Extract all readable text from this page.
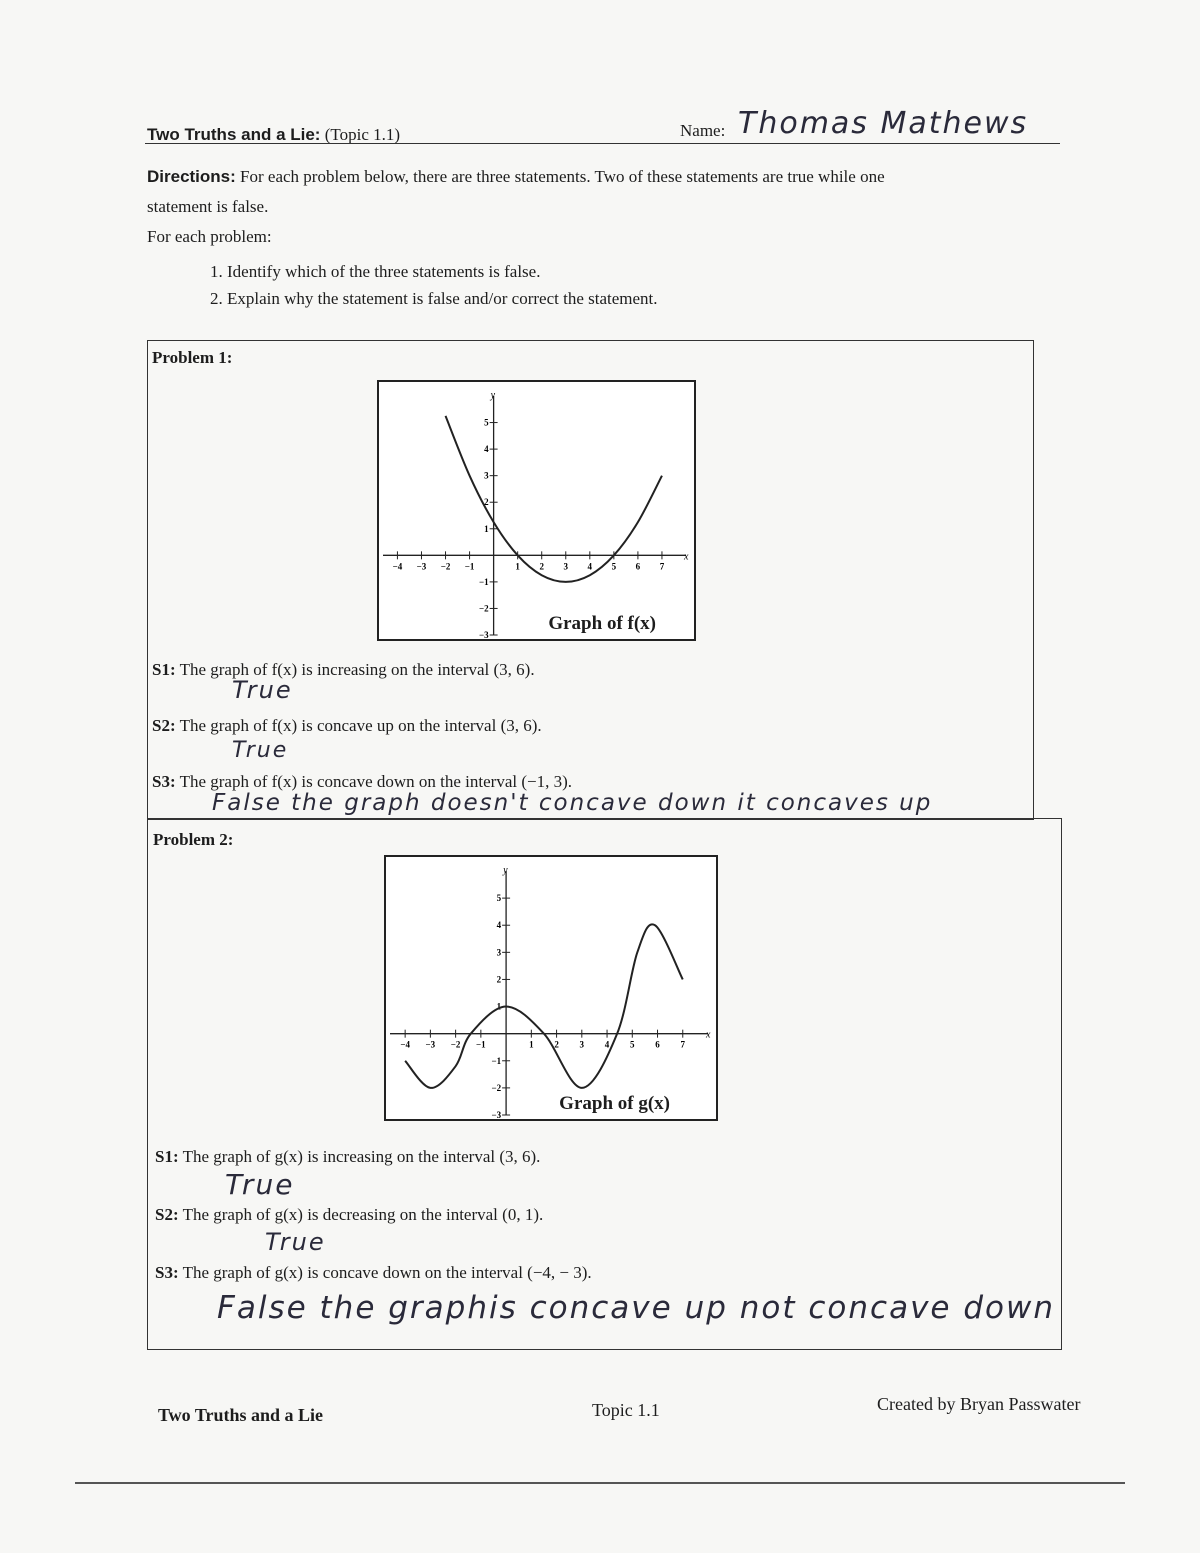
Two Truths and a Lie: (Topic 1.1)	Name: Thomas Mathews
Directions: For each problem below, there are three statements. Two of these statements are true while one
statement is false.
For each problem:
1. Identify which of the three statements is false.
2. Explain why the statement is false and/or correct the statement.
Problem 1:
x
y
−4 −3 −2 −1	1 2 3 4 5 6 7
−3
−2
−1
1
2
3
4
5
Graph of f(x)
S1: The graph of f(x) is increasing on the interval (3, 6).
True
S2: The graph of f(x) is concave up on the interval (3, 6).
True
S3: The graph of f(x) is concave down on the interval (−1, 3).
False the graph doesn't concave down it concaves up
Problem 2:
x
y
−4 −3 −2 −1	1 2 3 4 5 6 7
−3
−2
−1
1
2
3
4
5
Graph of g(x)
S1: The graph of g(x) is increasing on the interval (3, 6).
True
S2: The graph of g(x) is decreasing on the interval (0, 1).
True
S3: The graph of g(x) is concave down on the interval (−4, − 3).
False the graphis concave up not concave down
Two Truths and a Lie	Topic 1.1	Created by Bryan Passwater
